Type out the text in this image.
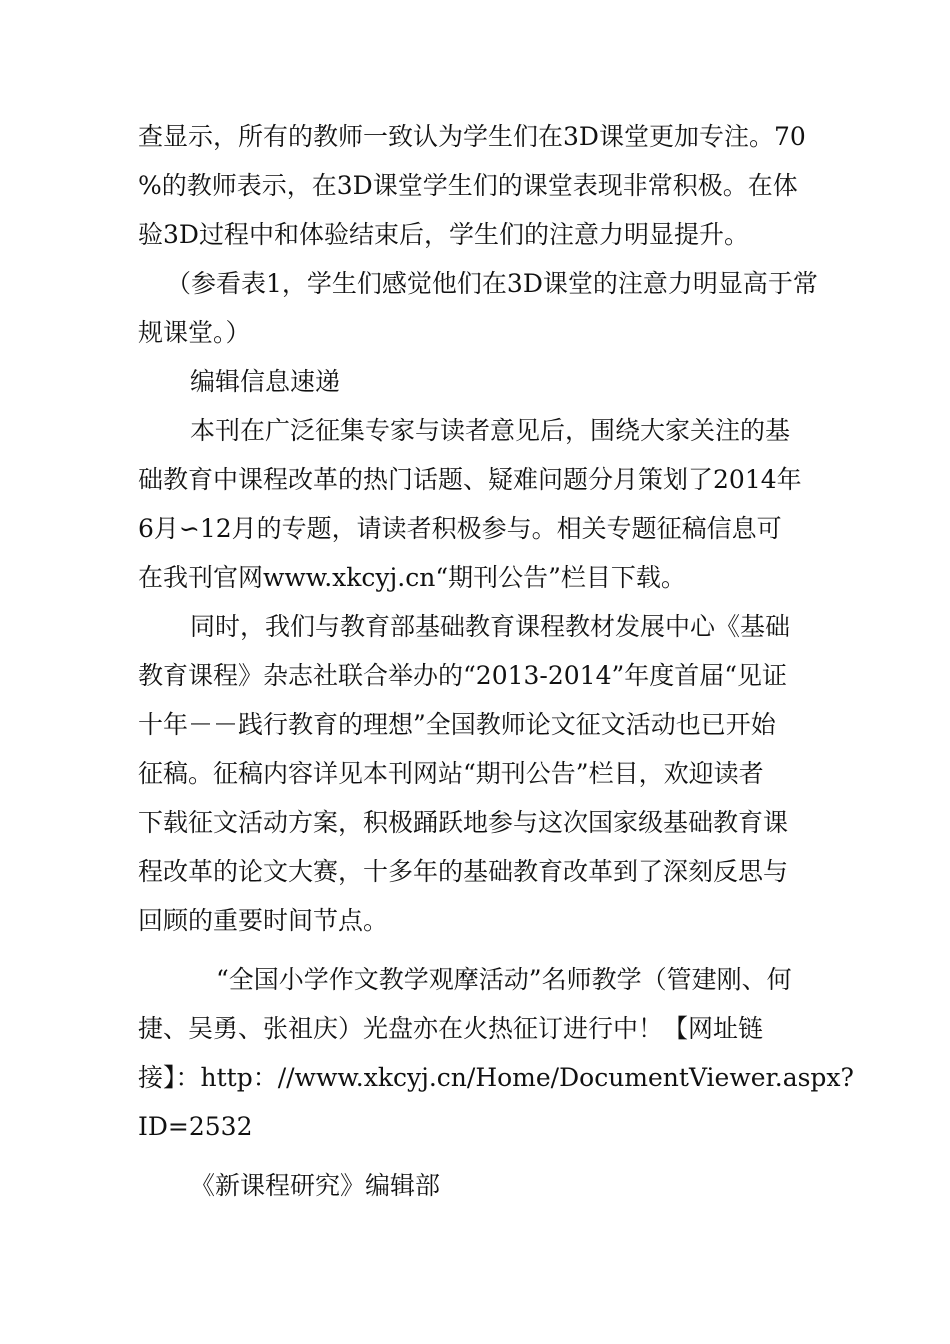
查显示，所有的教师一致认为学生们在3D课堂更加专注。70
%的教师表示，在3D课堂学生们的课堂表现非常积极。在体
验3D过程中和体验结束后，学生们的注意力明显提升。
（参看表1，学生们感觉他们在3D课堂的注意力明显高于常
规课堂。）
编辑信息速递
本刊在广泛征集专家与读者意见后，围绕大家关注的基
础教育中课程改革的热门话题、疑难问题分月策划了2014年
6月∽12月的专题，请读者积极参与。相关专题征稿信息可
在我刊官网www.xkcyj.cn“期刊公告”栏目下载。
同时，我们与教育部基础教育课程教材发展中心《基础
教育课程》杂志社联合举办的“2013-2014”年度首届“见证
十年－－践行教育的理想”全国教师论文征文活动也已开始
征稿。征稿内容详见本刊网站“期刊公告”栏目，欢迎读者
下载征文活动方案，积极踊跃地参与这次国家级基础教育课
程改革的论文大赛，十多年的基础教育改革到了深刻反思与
回顾的重要时间节点。
“全国小学作文教学观摩活动”名师教学（管建刚、何
捷、吴勇、张祖庆）光盘亦在火热征订进行中！【网址链
接】：http：//www.xkcyj.cn/Home/DocumentViewer.aspx?
ID=2532
《新课程研究》编辑部
